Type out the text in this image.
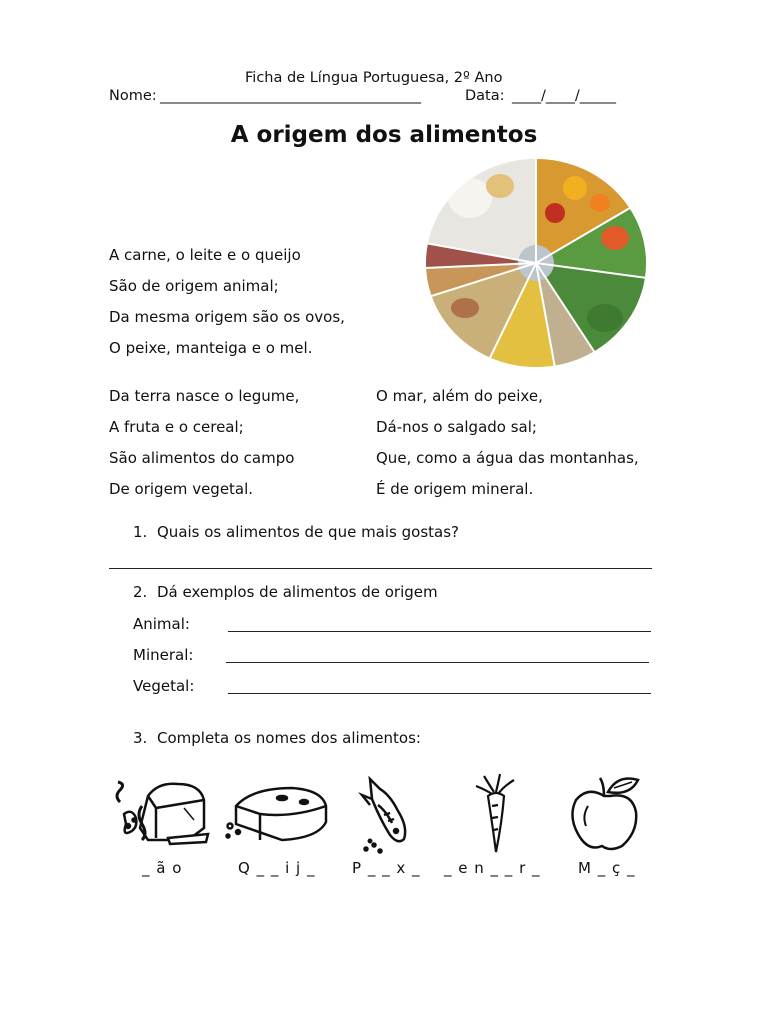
Ficha de Língua Portuguesa, 2º Ano
Nome: ____________________________________	Data: ____/____/_____
A origem dos alimentos

A carne, o leite e o queijo

São de origem animal;

Da mesma origem são os ovos,

O peixe, manteiga e o mel.

Da terra nasce o legume,

A fruta e o cereal;

São alimentos do campo

De origem vegetal.

O mar, além do peixe,

Dá-nos o salgado sal;

Que, como a água das montanhas,

É de origem mineral.

1. Quais os alimentos de que mais gostas?
2. Dá exemplos de alimentos de origem
Animal:
Mineral:
Vegetal:
3. Completa os nomes dos alimentos:
_ ã o	Q _ _ i j _ P _ _ x _ _ e n _ _ r _ M _ ç _
